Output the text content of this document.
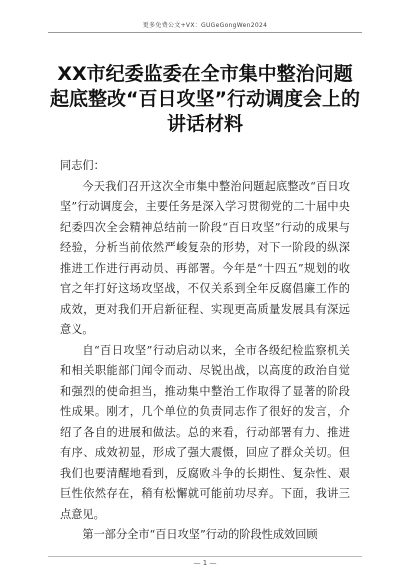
更多免费公文+VX：GUGeGongWen2024
XX市纪委监委在全市集中整治问题起底整改“百日攻坚”行动调度会上的讲话材料

同志们：

今天我们召开这次全市集中整治问题起底整改“百日攻坚”行动调度会，主要任务是深入学习贯彻党的二十届中央纪委四次全会精神总结前一阶段“百日攻坚”行动的成果与经验，分析当前依然严峻复杂的形势，对下一阶段的纵深推进工作进行再动员、再部署。今年是“十四五”规划的收官之年打好这场攻坚战，不仅关系到全年反腐倡廉工作的成效，更对我们开启新征程、实现更高质量发展具有深远意义。

自“百日攻坚”行动启动以来，全市各级纪检监察机关和相关职能部门闻令而动、尽锐出战，以高度的政治自觉和强烈的使命担当，推动集中整治工作取得了显著的阶段性成果。刚才，几个单位的负责同志作了很好的发言，介绍了各自的进展和做法。总的来看，行动部署有力、推进有序、成效初显，形成了强大震慑，回应了群众关切。但我们也要清醒地看到，反腐败斗争的长期性、复杂性、艰巨性依然存在，稍有松懈就可能前功尽弃。下面，我讲三点意见。

第一部分全市“百日攻坚”行动的阶段性成效回顾

— 1 —
